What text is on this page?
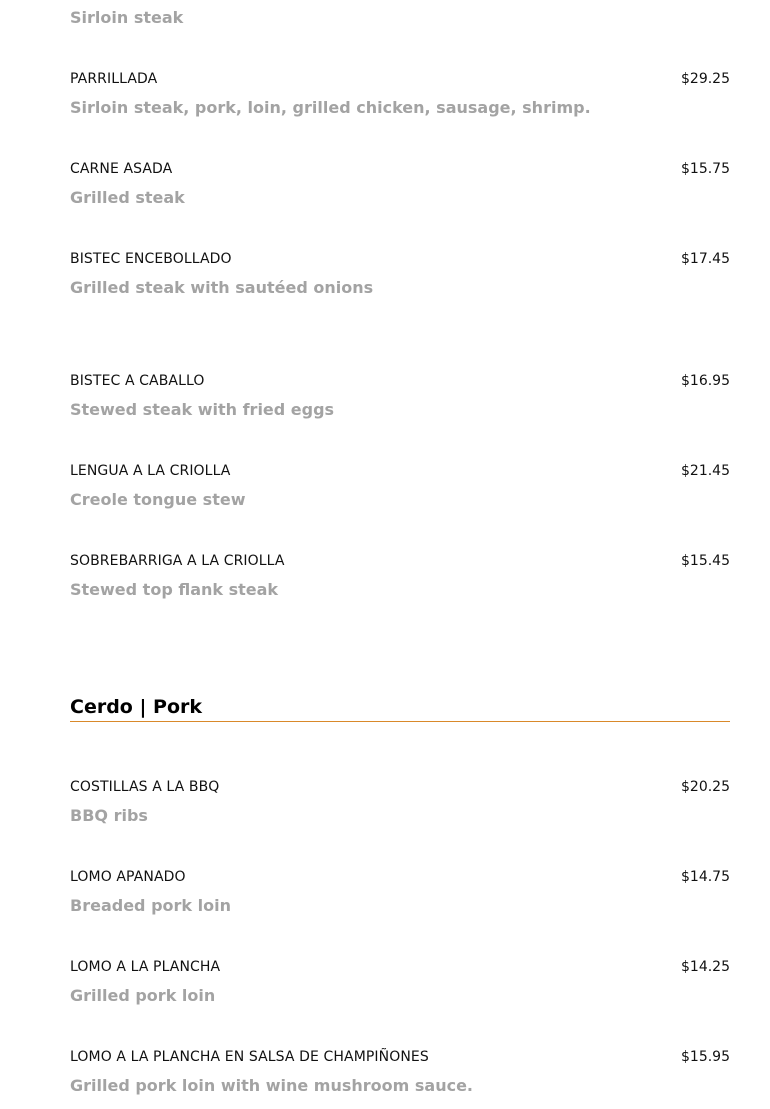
Sirloin steak
PARRILLADA	$29.25
Sirloin steak, pork, loin, grilled chicken, sausage, shrimp.
CARNE ASADA	$15.75
Grilled steak
BISTEC ENCEBOLLADO	$17.45
Grilled steak with sautéed onions
BISTEC A CABALLO	$16.95
Stewed steak with fried eggs
LENGUA A LA CRIOLLA	$21.45
Creole tongue stew
SOBREBARRIGA A LA CRIOLLA	$15.45
Stewed top flank steak
Cerdo | Pork
COSTILLAS A LA BBQ	$20.25
BBQ ribs
LOMO APANADO	$14.75
Breaded pork loin
LOMO A LA PLANCHA	$14.25
Grilled pork loin
LOMO A LA PLANCHA EN SALSA DE CHAMPIÑONES	$15.95
Grilled pork loin with wine mushroom sauce.
